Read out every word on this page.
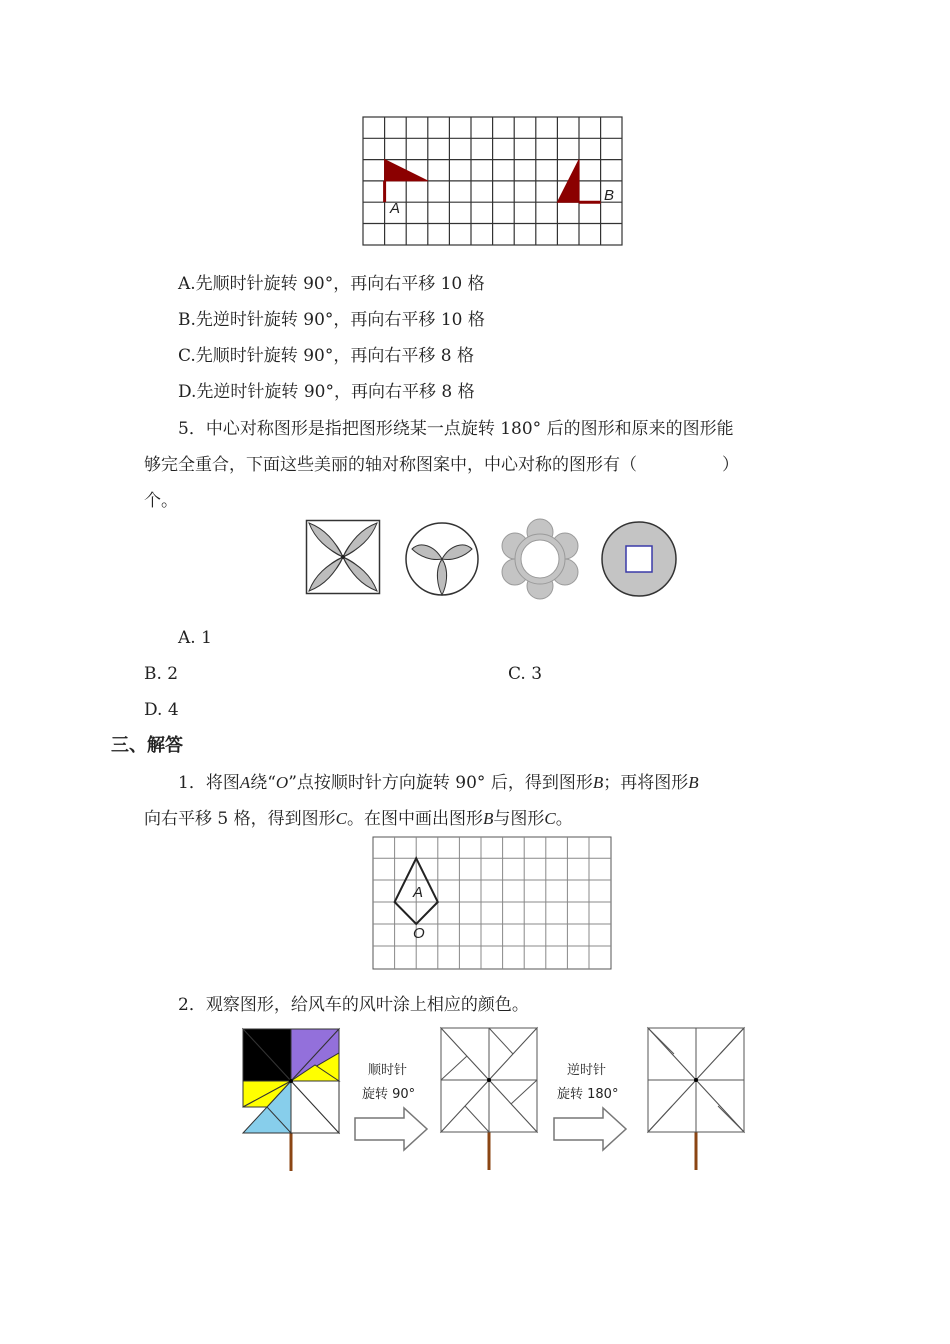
A
B
A.先顺时针旋转 90°，再向右平移 10 格
B.先逆时针旋转 90°，再向右平移 10 格
C.先顺时针旋转 90°，再向右平移 8 格
D.先逆时针旋转 90°，再向右平移 8 格
5．中心对称图形是指把图形绕某一点旋转 180° 后的图形和原来的图形能
够完全重合，下面这些美丽的轴对称图案中，中心对称的图形有（　　　　　）
个。
A. 1
B. 2	C. 3
D. 4
三、解答
1．将图A绕“O”点按顺时针方向旋转 90° 后，得到图形B；再将图形B
向右平移 5 格，得到图形C。在图中画出图形B与图形C。
A
O
2．观察图形，给风车的风叶涂上相应的颜色。
顺时针
旋转 90°
逆时针
旋转 180°
